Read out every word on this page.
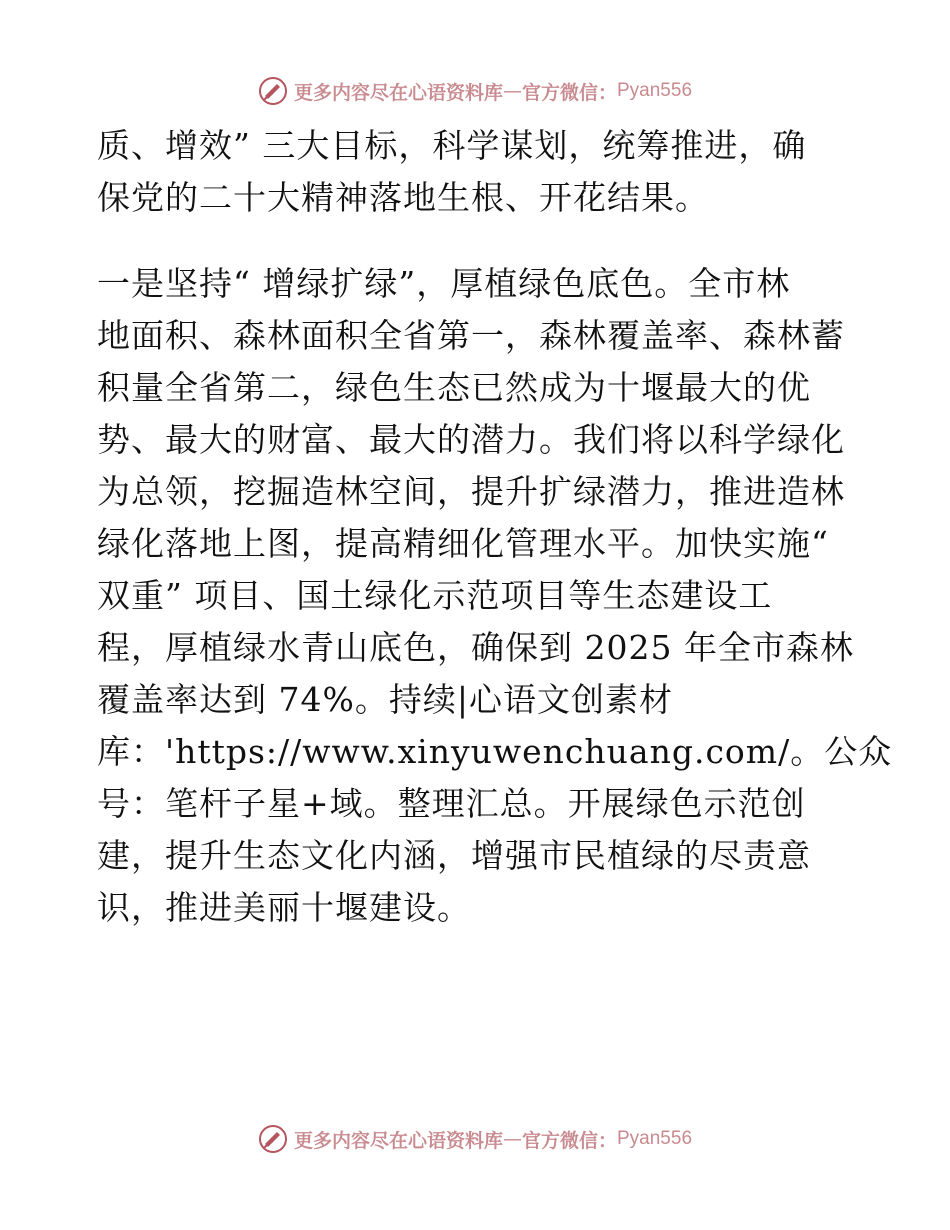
更多内容尽在心语资料库 — 官方微信： Pyan556
质、增效” 三大目标，科学谋划，统筹推进，确
保党的二十大精神落地生根、开花结果。
一是坚持“ 增绿扩绿”，厚植绿色底色。全市林
地面积、森林面积全省第一，森林覆盖率、森林蓄
积量全省第二，绿色生态已然成为十堰最大的优
势、最大的财富、最大的潜力。我们将以科学绿化
为总领，挖掘造林空间，提升扩绿潜力，推进造林
绿化落地上图，提高精细化管理水平。加快实施“
双重” 项目、国土绿化示范项目等生态建设工
程，厚植绿水青山底色，确保到 2025 年全市森林
覆盖率达到 74%。持续|心语文创素材
库：'https://www.xinyuwenchuang.com/。公众
号：笔杆子星+域。整理汇总。开展绿色示范创
建，提升生态文化内涵，增强市民植绿的尽责意
识，推进美丽十堰建设。
更多内容尽在心语资料库 — 官方微信： Pyan556
